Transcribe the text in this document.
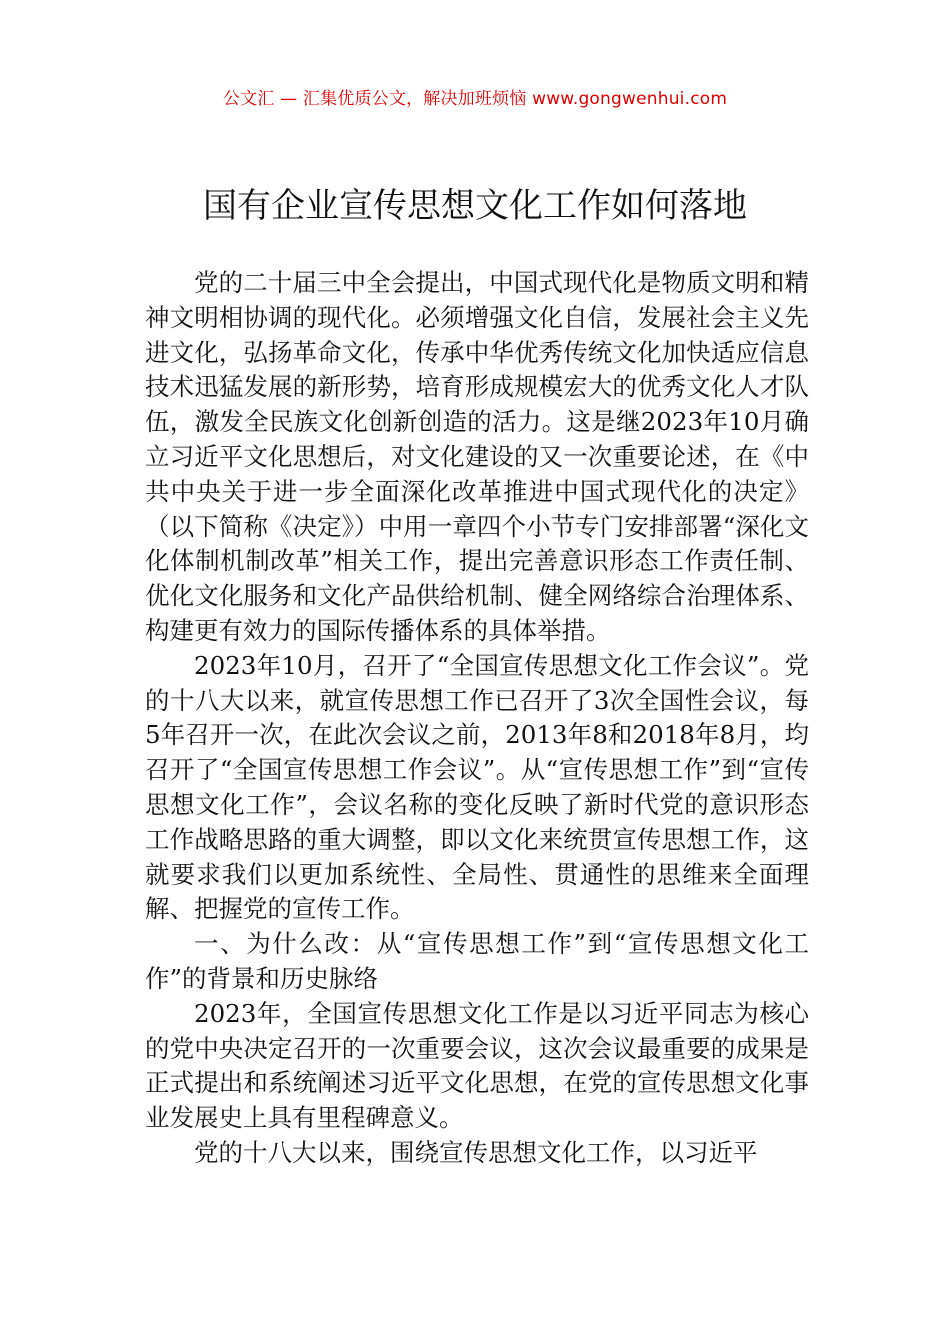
公文汇 — 汇集优质公文，解决加班烦恼 www.gongwenhui.com
国有企业宣传思想文化工作如何落地

党的二十届三中全会提出，中国式现代化是物质文明和精神文明相协调的现代化。必须增强文化自信，发展社会主义先进文化，弘扬革命文化，传承中华优秀传统文化加快适应信息技术迅猛发展的新形势，培育形成规模宏大的优秀文化人才队伍，激发全民族文化创新创造的活力。这是继2023年10月确立习近平文化思想后，对文化建设的又一次重要论述，在《中共中央关于进一步全面深化改革推进中国式现代化的决定》（以下简称《决定》）中用一章四个小节专门安排部署“深化文化体制机制改革”相关工作，提出完善意识形态工作责任制、优化文化服务和文化产品供给机制、健全网络综合治理体系、构建更有效力的国际传播体系的具体举措。

2023年10月，召开了“全国宣传思想文化工作会议”。党的十八大以来，就宣传思想工作已召开了3次全国性会议，每5年召开一次，在此次会议之前，2013年8和2018年8月，均召开了“全国宣传思想工作会议”。从“宣传思想工作”到“宣传思想文化工作”，会议名称的变化反映了新时代党的意识形态工作战略思路的重大调整，即以文化来统贯宣传思想工作，这就要求我们以更加系统性、全局性、贯通性的思维来全面理解、把握党的宣传工作。

一、为什么改：从“宣传思想工作”到“宣传思想文化工作”的背景和历史脉络

2023年，全国宣传思想文化工作是以习近平同志为核心的党中央决定召开的一次重要会议，这次会议最重要的成果是正式提出和系统阐述习近平文化思想，在党的宣传思想文化事业发展史上具有里程碑意义。

党的十八大以来，围绕宣传思想文化工作，以习近平
